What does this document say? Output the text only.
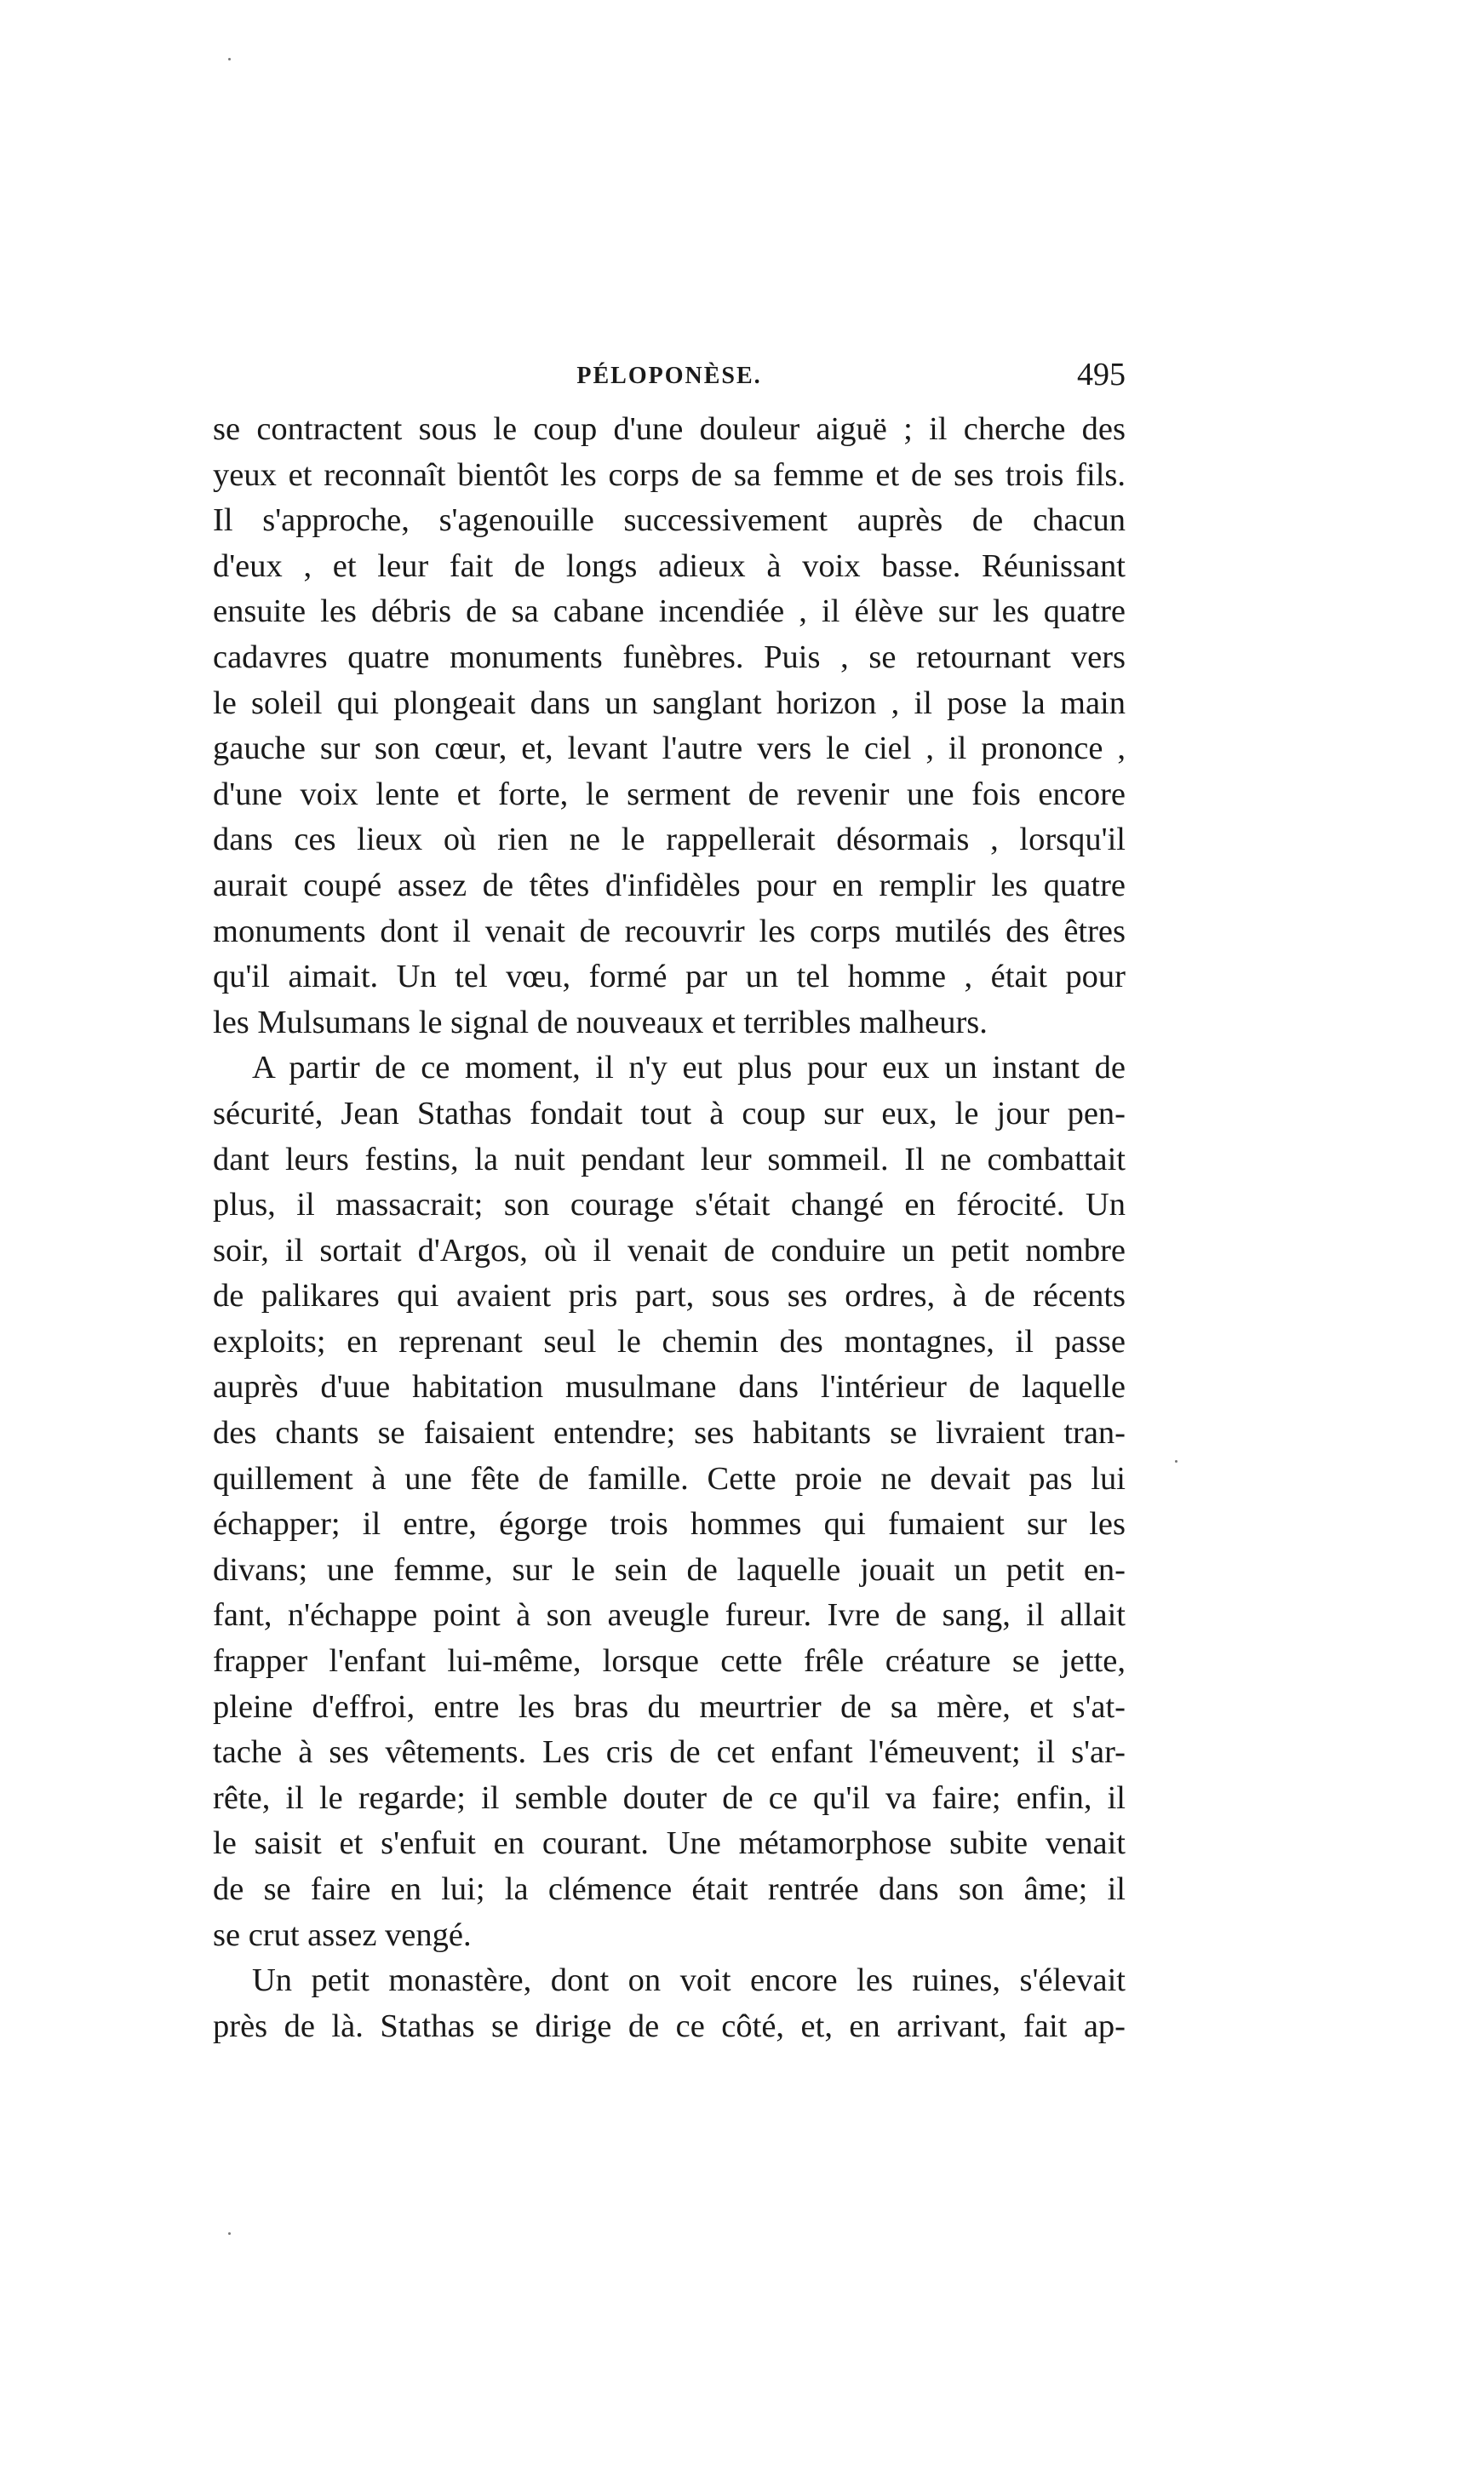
PÉLOPONÈSE.	495
se contractent sous le coup d'une douleur aiguë ; il cherche des
yeux et reconnaît bientôt les corps de sa femme et de ses trois fils.
Il s'approche, s'agenouille successivement auprès de chacun
d'eux , et leur fait de longs adieux à voix basse. Réunissant
ensuite les débris de sa cabane incendiée , il élève sur les quatre
cadavres quatre monuments funèbres. Puis , se retournant vers
le soleil qui plongeait dans un sanglant horizon , il pose la main
gauche sur son cœur, et, levant l'autre vers le ciel , il prononce ,
d'une voix lente et forte, le serment de revenir une fois encore
dans ces lieux où rien ne le rappellerait désormais , lorsqu'il
aurait coupé assez de têtes d'infidèles pour en remplir les quatre
monuments dont il venait de recouvrir les corps mutilés des êtres
qu'il aimait. Un tel vœu, formé par un tel homme , était pour
les Mulsumans le signal de nouveaux et terribles malheurs.
A partir de ce moment, il n'y eut plus pour eux un instant de
sécurité, Jean Stathas fondait tout à coup sur eux, le jour pen-
dant leurs festins, la nuit pendant leur sommeil. Il ne combattait
plus, il massacrait; son courage s'était changé en férocité. Un
soir, il sortait d'Argos, où il venait de conduire un petit nombre
de palikares qui avaient pris part, sous ses ordres, à de récents
exploits; en reprenant seul le chemin des montagnes, il passe
auprès d'uue habitation musulmane dans l'intérieur de laquelle
des chants se faisaient entendre; ses habitants se livraient tran-
quillement à une fête de famille. Cette proie ne devait pas lui
échapper; il entre, égorge trois hommes qui fumaient sur les
divans; une femme, sur le sein de laquelle jouait un petit en-
fant, n'échappe point à son aveugle fureur. Ivre de sang, il allait
frapper l'enfant lui-même, lorsque cette frêle créature se jette,
pleine d'effroi, entre les bras du meurtrier de sa mère, et s'at-
tache à ses vêtements. Les cris de cet enfant l'émeuvent; il s'ar-
rête, il le regarde; il semble douter de ce qu'il va faire; enfin, il
le saisit et s'enfuit en courant. Une métamorphose subite venait
de se faire en lui; la clémence était rentrée dans son âme; il
se crut assez vengé.
Un petit monastère, dont on voit encore les ruines, s'élevait
près de là. Stathas se dirige de ce côté, et, en arrivant, fait ap-
